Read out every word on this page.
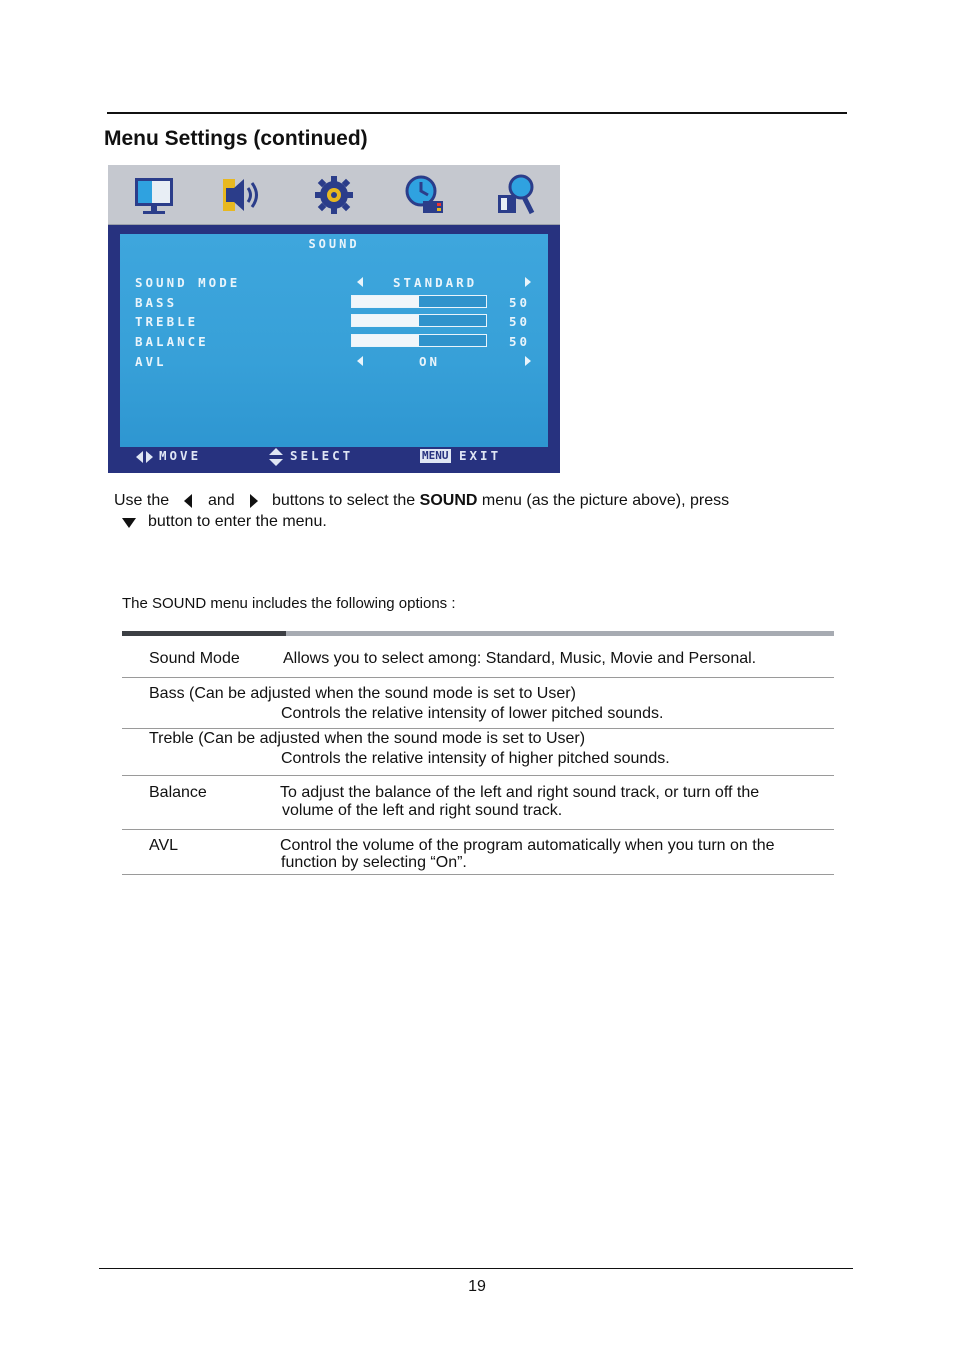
Menu Settings (continued)
SOUND
SOUND MODE	STANDARD
BASS	50
TREBLE	50
BALANCE	50
AVL	ON
MOVE	SELECT	MENU EXIT
Use the and buttons to select the SOUND menu (as the picture above), press
button to enter the menu.
The SOUND menu includes the following options :
Sound Mode	Allows you to select among: Standard, Music, Movie and Personal.
Bass (Can be adjusted when the sound mode is set to User)
Controls the relative intensity of lower pitched sounds.
Treble (Can be adjusted when the sound mode is set to User)
Controls the relative intensity of higher pitched sounds.
Balance	To adjust the balance of the left and right sound track, or turn off the
volume of the left and right sound track.
AVL	Control the volume of the program automatically when you turn on the
function by selecting “On”.
19
